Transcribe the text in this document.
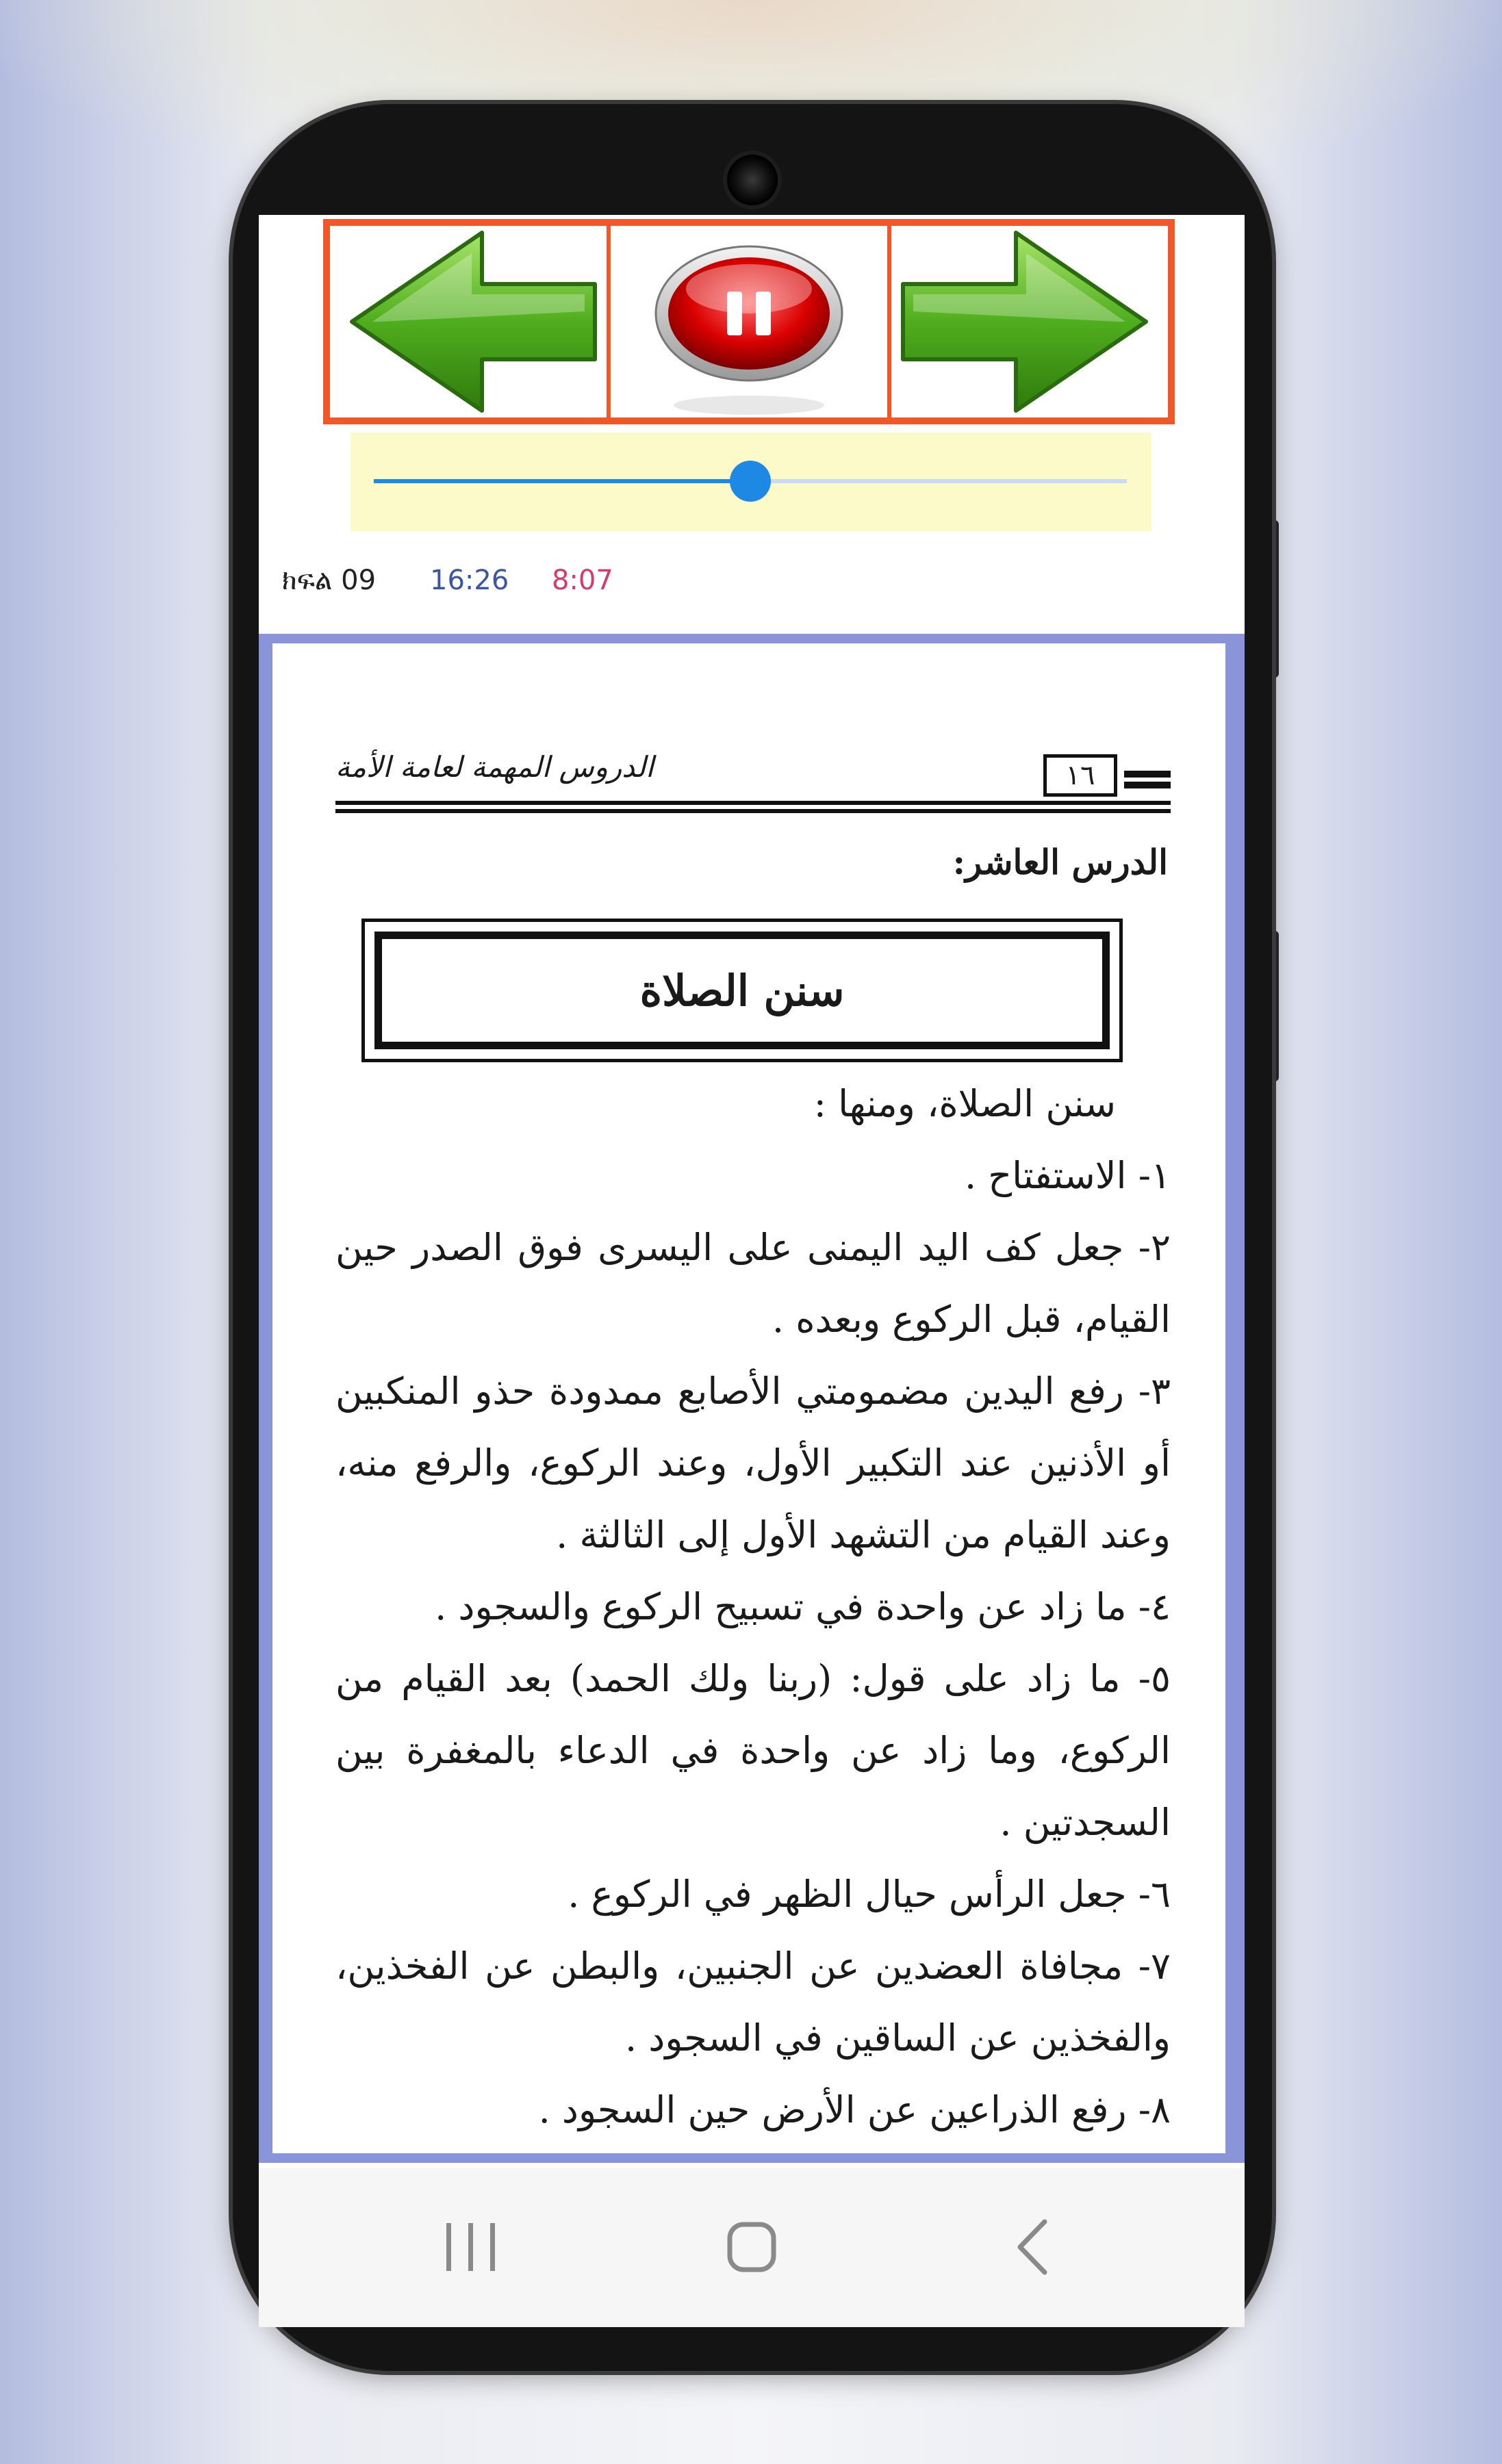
ክፍል 09 16:26 8:07
الدروس المهمة لعامة الأمة	١٦
الدرس العاشر:
سنن الصلاة

سنن الصلاة، ومنها :

١- الاستفتاح .

٢- جعل كف اليد اليمنى على اليسرى فوق الصدر حين القيام، قبل الركوع وبعده .

٣- رفع اليدين مضمومتي الأصابع ممدودة حذو المنكبين أو الأذنين عند التكبير الأول، وعند الركوع، والرفع منه، وعند القيام من التشهد الأول إلى الثالثة .

٤- ما زاد عن واحدة في تسبيح الركوع والسجود .

٥- ما زاد على قول: (ربنا ولك الحمد) بعد القيام من الركوع، وما زاد عن واحدة في الدعاء بالمغفرة بين السجدتين .

٦- جعل الرأس حيال الظهر في الركوع .

٧- مجافاة العضدين عن الجنبين، والبطن عن الفخذين، والفخذين عن الساقين في السجود .

٨- رفع الذراعين عن الأرض حين السجود .
